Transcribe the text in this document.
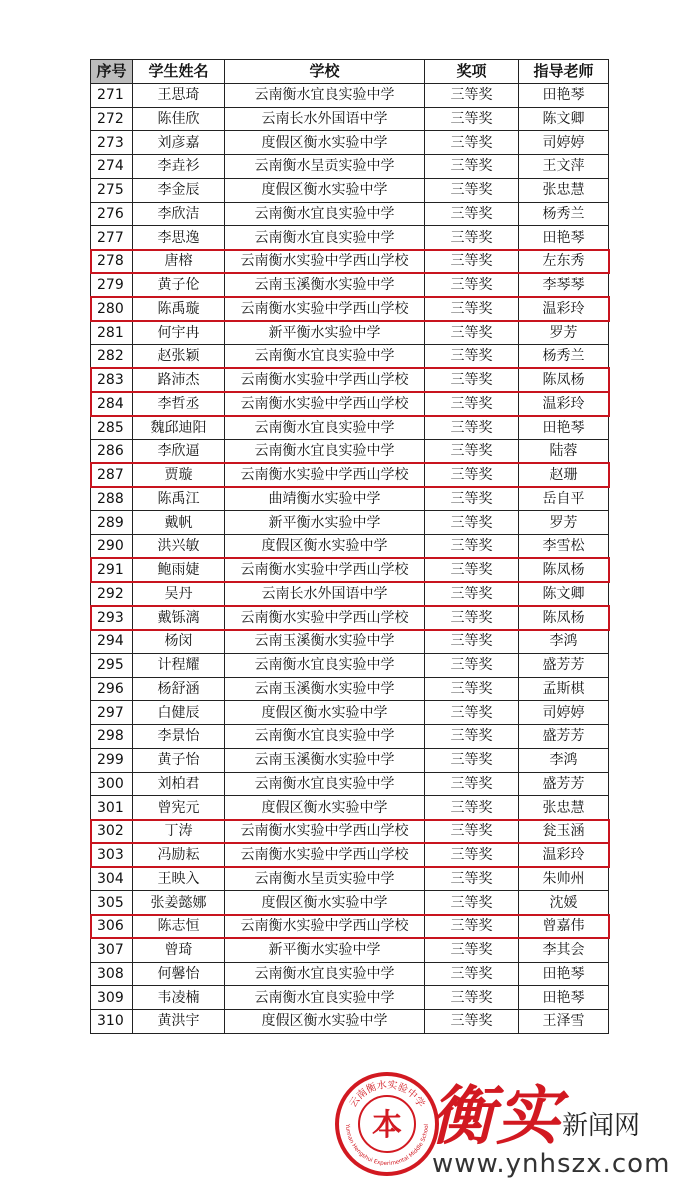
序号	学生姓名	学校	奖项	指导老师
271	王思琦	云南衡水宜良实验中学	三等奖	田艳琴
272	陈佳欣	云南长水外国语中学	三等奖	陈文卿
273	刘彦嘉	度假区衡水实验中学	三等奖	司婷婷
274	李垚衫	云南衡水呈贡实验中学	三等奖	王文萍
275	李金辰	度假区衡水实验中学	三等奖	张忠慧
276	李欣洁	云南衡水宜良实验中学	三等奖	杨秀兰
277	李思逸	云南衡水宜良实验中学	三等奖	田艳琴
278	唐榕	云南衡水实验中学西山学校	三等奖	左东秀
279	黄子伦	云南玉溪衡水实验中学	三等奖	李琴琴
280	陈禹璇	云南衡水实验中学西山学校	三等奖	温彩玲
281	何宇冉	新平衡水实验中学	三等奖	罗芳
282	赵张颖	云南衡水宜良实验中学	三等奖	杨秀兰
283	路沛杰	云南衡水实验中学西山学校	三等奖	陈凤杨
284	李哲丞	云南衡水实验中学西山学校	三等奖	温彩玲
285	魏邱迪阳	云南衡水宜良实验中学	三等奖	田艳琴
286	李欣逼	云南衡水宜良实验中学	三等奖	陆蓉
287	贾璇	云南衡水实验中学西山学校	三等奖	赵珊
288	陈禹江	曲靖衡水实验中学	三等奖	岳自平
289	戴帆	新平衡水实验中学	三等奖	罗芳
290	洪兴敏	度假区衡水实验中学	三等奖	李雪松
291	鲍雨婕	云南衡水实验中学西山学校	三等奖	陈凤杨
292	吴丹	云南长水外国语中学	三等奖	陈文卿
293	戴铄漓	云南衡水实验中学西山学校	三等奖	陈凤杨
294	杨闵	云南玉溪衡水实验中学	三等奖	李鸿
295	计程耀	云南衡水宜良实验中学	三等奖	盛芳芳
296	杨舒涵	云南玉溪衡水实验中学	三等奖	孟斯棋
297	白健辰	度假区衡水实验中学	三等奖	司婷婷
298	李景怡	云南衡水宜良实验中学	三等奖	盛芳芳
299	黄子怡	云南玉溪衡水实验中学	三等奖	李鸿
300	刘柏君	云南衡水宜良实验中学	三等奖	盛芳芳
301	曾宪元	度假区衡水实验中学	三等奖	张忠慧
302	丁涛	云南衡水实验中学西山学校	三等奖	瓮玉涵
303	冯励耘	云南衡水实验中学西山学校	三等奖	温彩玲
304	王映入	云南衡水呈贡实验中学	三等奖	朱帅州
305	张姜懿娜	度假区衡水实验中学	三等奖	沈媛
306	陈志恒	云南衡水实验中学西山学校	三等奖	曾嘉伟
307	曾琦	新平衡水实验中学	三等奖	李其会
308	何馨怡	云南衡水宜良实验中学	三等奖	田艳琴
309	韦凌楠	云南衡水宜良实验中学	三等奖	田艳琴
310	黄洪宇	度假区衡水实验中学	三等奖	王泽雪
云南衡水实验中学
Yunnan Hengshui Experimental Middle School
本 衡实 新闻网
www.ynhszx.com
